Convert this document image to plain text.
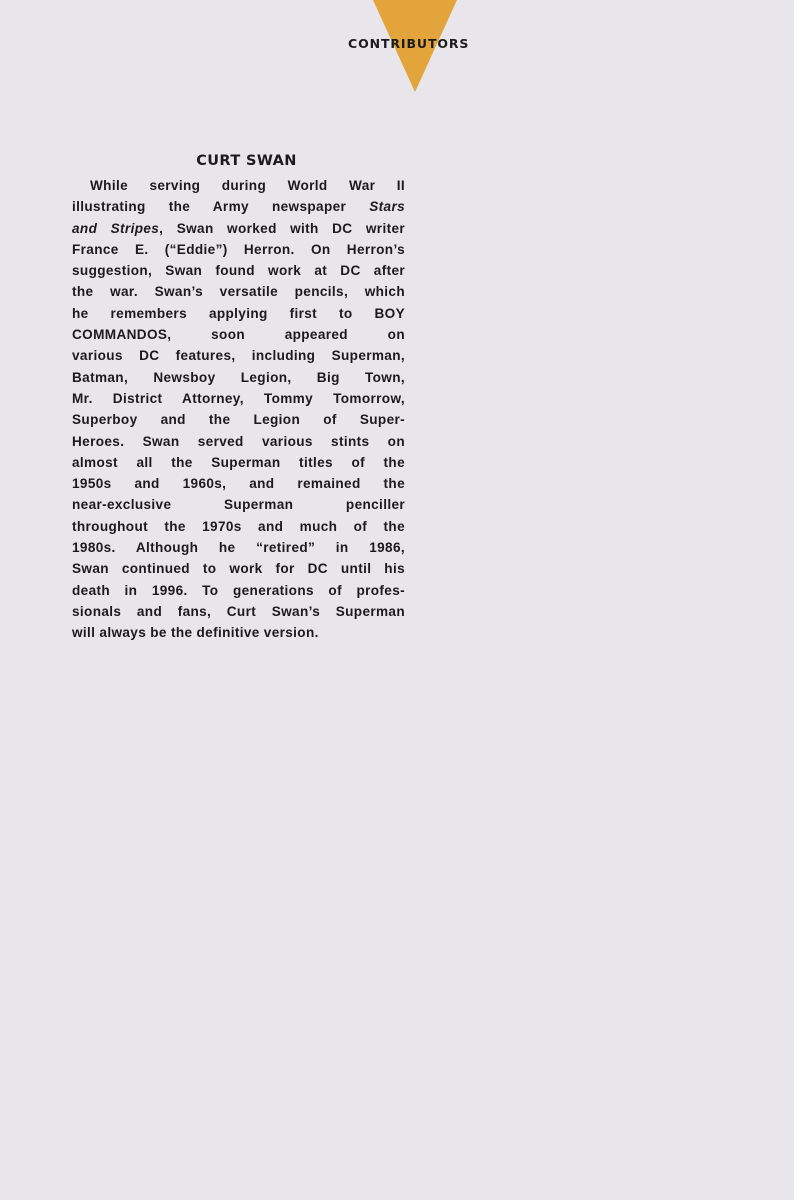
CONTRIBUTORS
CURT SWAN
While serving during World War II
illustrating the Army newspaper Stars
and Stripes, Swan worked with DC writer
France E. (“Eddie”) Herron. On Herron’s
suggestion, Swan found work at DC after
the war. Swan’s versatile pencils, which
he remembers applying first to BOY
COMMANDOS, soon appeared on
various DC features, including Superman,
Batman, Newsboy Legion, Big Town,
Mr. District Attorney, Tommy Tomorrow,
Superboy and the Legion of Super-
Heroes. Swan served various stints on
almost all the Superman titles of the
1950s and 1960s, and remained the
near-exclusive Superman penciller
throughout the 1970s and much of the
1980s. Although he “retired” in 1986,
Swan continued to work for DC until his
death in 1996. To generations of profes-
sionals and fans, Curt Swan’s Superman
will always be the definitive version.
